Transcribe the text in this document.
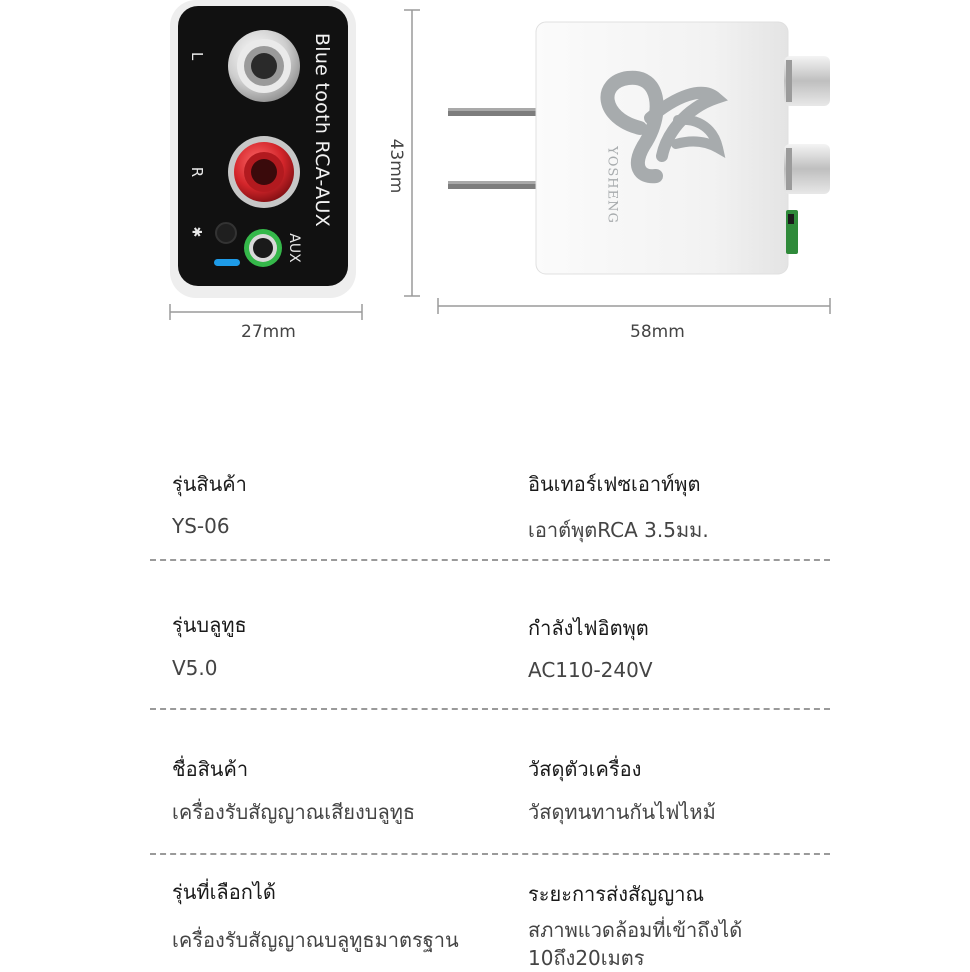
Blue tooth RCA-AUX
L
R
AUX
✱
YOSHENG
43mm
27mm	58mm
รุ่นสินค้า
YS-06
อินเทอร์เฟซเอาท์พุต
เอาต์พุตRCA 3.5มม.
รุ่นบลูทูธ
V5.0
กำลังไฟอิตพุต
AC110-240V
ชื่อสินค้า
เครื่องรับสัญญาณเสียงบลูทูธ
วัสดุตัวเครื่อง
วัสดุทนทานกันไฟไหม้
รุ่นที่เลือกได้
เครื่องรับสัญญาณบลูทูธมาตรฐาน
ระยะการส่งสัญญาณ
สภาพแวดล้อมที่เข้าถึงได้
10ถึง20เมตร
